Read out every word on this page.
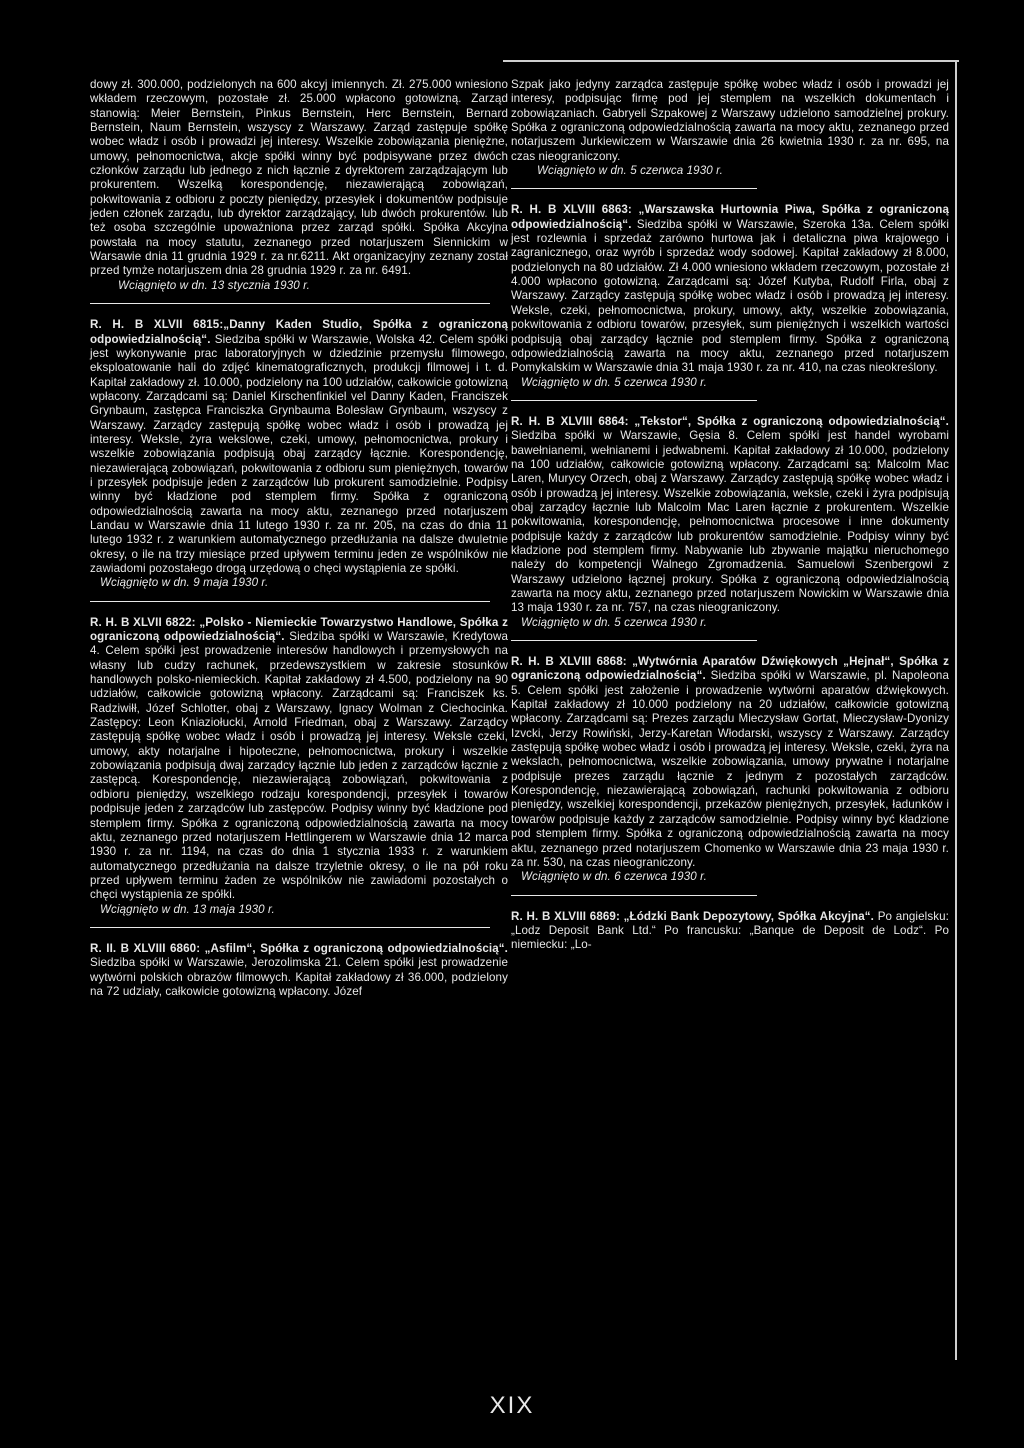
dowy zł. 300.000, podzielonych na 600 akcyj imiennych. Zł. 275.000 wniesiono wkładem rzeczowym, pozostałe zł. 25.000 wpłacono gotowizną. Zarząd stanowią: Meier Bernstein, Pinkus Bernstein, Herc Bernstein, Bernard Bernstein, Naum Bernstein, wszyscy z Warszawy. Zarząd zastępuje spółkę wobec władz i osób i prowadzi jej interesy. Wszelkie zobowiązania pieniężne, umowy, pełnomocnictwa, akcje spółki winny być podpisywane przez dwóch członków zarządu lub jednego z nich łącznie z dyrektorem zarządzającym lub prokurentem. Wszelką korespondencję, niezawierającą zobowiązań, pokwitowania z odbioru z poczty pieniędzy, przesyłek i dokumentów podpisuje jeden członek zarządu, lub dyrektor zarządzający, lub dwóch prokurentów. lub też osoba szczególnie upoważniona przez zarząd spółki. Spółka Akcyjna powstała na mocy statutu, zeznanego przed notarjuszem Siennickim w Warsawie dnia 11 grudnia 1929 r. za nr.6211. Akt organizacyjny zeznany został przed tymże notarjuszem dnia 28 grudnia 1929 r. za nr. 6491.

Wciągnięto w dn. 13 stycznia 1930 r.

R. H. B XLVII 6815:„Danny Kaden Studio, Spółka z ograniczoną odpowiedzialnością“. Siedziba spółki w Warszawie, Wolska 42. Celem spółki jest wykonywanie prac laboratoryjnych w dziedzinie przemysłu filmowego, eksploatowanie hali do zdjęć kinematograficznych, produkcji filmowej i t. d. Kapitał zakładowy zł. 10.000, podzielony na 100 udziałów, całkowicie gotowizną wpłacony. Zarządcami są: Daniel Kirschenfinkiel vel Danny Kaden, Franciszek Grynbaum, zastępca Franciszka Grynbauma Bolesław Grynbaum, wszyscy z Warszawy. Zarządcy zastępują spółkę wobec władz i osób i prowadzą jej interesy. Weksle, żyra wekslowe, czeki, umowy, pełnomocnictwa, prokury i wszelkie zobowiązania podpisują obaj zarządcy łącznie. Korespondencję, niezawierającą zobowiązań, pokwitowania z odbioru sum pieniężnych, towarów i przesyłek podpisuje jeden z zarządców lub prokurent samodzielnie. Podpisy winny być kładzione pod stemplem firmy. Spółka z ograniczoną odpowiedzialnością zawarta na mocy aktu, zeznanego przed notarjuszem Landau w Warszawie dnia 11 lutego 1930 r. za nr. 205, na czas do dnia 11 lutego 1932 r. z warunkiem automatycznego przedłużania na dalsze dwuletnie okresy, o ile na trzy miesiące przed upływem terminu jeden ze wspólników nie zawiadomi pozostałego drogą urzędową o chęci wystąpienia ze spółki.

Wciągnięto w dn. 9 maja 1930 r.

R. H. B XLVII 6822: „Polsko - Niemieckie Towarzystwo Handlowe, Spółka z ograniczoną odpowiedzialnością“. Siedziba spółki w Warszawie, Kredytowa 4. Celem spółki jest prowadzenie interesów handlowych i przemysłowych na własny lub cudzy rachunek, przedewszystkiem w zakresie stosunków handlowych polsko-niemieckich. Kapitał zakładowy zł 4.500, podzielony na 90 udziałów, całkowicie gotowizną wpłacony. Zarządcami są: Franciszek ks. Radziwiłł, Józef Schlotter, obaj z Warszawy, Ignacy Wolman z Ciechocinka. Zastępcy: Leon Kniaziołucki, Arnold Friedman, obaj z Warszawy. Zarządcy zastępują spółkę wobec władz i osób i prowadzą jej interesy. Weksle czeki, umowy, akty notarjalne i hipoteczne, pełnomocnictwa, prokury i wszelkie zobowiązania podpisują dwaj zarządcy łącznie lub jeden z zarządców łącznie z zastępcą. Korespondencję, niezawierającą zobowiązań, pokwitowania z odbioru pieniędzy, wszelkiego rodzaju korespondencji, przesyłek i towarów podpisuje jeden z zarządców lub zastępców. Podpisy winny być kładzione pod stemplem firmy. Spółka z ograniczoną odpowiedzialnością zawarta na mocy aktu, zeznanego przed notarjuszem Hettlingerem w Warszawie dnia 12 marca 1930 r. za nr. 1194, na czas do dnia 1 stycznia 1933 r. z warunkiem automatycznego przedłużania na dalsze trzyletnie okresy, o ile na pół roku przed upływem terminu żaden ze wspólników nie zawiadomi pozostałych o chęci wystąpienia ze spółki.

Wciągnięto w dn. 13 maja 1930 r.

R. II. B XLVIII 6860: „Asfilm“, Spółka z ograniczoną odpowiedzialnością“. Siedziba spółki w Warszawie, Jerozolimska 21. Celem spółki jest prowadzenie wytwórni polskich obrazów filmowych. Kapitał zakładowy zł 36.000, podzielony na 72 udziały, całkowicie gotowizną wpłacony. Józef

Szpak jako jedyny zarządca zastępuje spółkę wobec władz i osób i prowadzi jej interesy, podpisując firmę pod jej stemplem na wszelkich dokumentach i zobowiązaniach. Gabryeli Szpakowej z Warszawy udzielono samodzielnej prokury. Spółka z ograniczoną odpowiedzialnością zawarta na mocy aktu, zeznanego przed notarjuszem Jurkiewiczem w Warszawie dnia 26 kwietnia 1930 r. za nr. 695, na czas nieograniczony.

Wciągnięto w dn. 5 czerwca 1930 r.

R. H. B XLVIII 6863: „Warszawska Hurtownia Piwa, Spółka z ograniczoną odpowiedzialnością“. Siedziba spółki w Warszawie, Szeroka 13a. Celem spółki jest rozlewnia i sprzedaż zarówno hurtowa jak i detaliczna piwa krajowego i zagranicznego, oraz wyrób i sprzedaż wody sodowej. Kapitał zakładowy zł 8.000, podzielonych na 80 udziałów. Zł 4.000 wniesiono wkładem rzeczowym, pozostałe zł 4.000 wpłacono gotowizną. Zarządcami są: Józef Kutyba, Rudolf Firla, obaj z Warszawy. Zarządcy zastępują spółkę wobec władz i osób i prowadzą jej interesy. Weksle, czeki, pełnomocnictwa, prokury, umowy, akty, wszelkie zobowiązania, pokwitowania z odbioru towarów, przesyłek, sum pieniężnych i wszelkich wartości podpisują obaj zarządcy łącznie pod stemplem firmy. Spółka z ograniczoną odpowiedzialnością zawarta na mocy aktu, zeznanego przed notarjuszem Pomykalskim w Warszawie dnia 31 maja 1930 r. za nr. 410, na czas nieokreślony.

Wciągnięto w dn. 5 czerwca 1930 r.

R. H. B XLVIII 6864: „Tekstor“, Spółka z ograniczoną odpowiedzialnością“. Siedziba spółki w Warszawie, Gęsia 8. Celem spółki jest handel wyrobami bawełnianemi, wełnianemi i jedwabnemi. Kapitał zakładowy zł 10.000, podzielony na 100 udziałów, całkowicie gotowizną wpłacony. Zarządcami są: Malcolm Mac Laren, Murycy Orzech, obaj z Warszawy. Zarządcy zastępują spółkę wobec władz i osób i prowadzą jej interesy. Wszelkie zobowiązania, weksle, czeki i żyra podpisują obaj zarządcy łącznie lub Malcolm Mac Laren łącznie z prokurentem. Wszelkie pokwitowania, korespondencję, pełnomocnictwa procesowe i inne dokumenty podpisuje każdy z zarządców lub prokurentów samodzielnie. Podpisy winny być kładzione pod stemplem firmy. Nabywanie lub zbywanie majątku nieruchomego należy do kompetencji Walnego Zgromadzenia. Samuelowi Szenbergowi z Warszawy udzielono łącznej prokury. Spółka z ograniczoną odpowiedzialnością zawarta na mocy aktu, zeznanego przed notarjuszem Nowickim w Warszawie dnia 13 maja 1930 r. za nr. 757, na czas nieograniczony.

Wciągnięto w dn. 5 czerwca 1930 r.

R. H. B XLVIII 6868: „Wytwórnia Aparatów Dźwiękowych „Hejnał“, Spółka z ograniczoną odpowiedzialnością“. Siedziba spółki w Warszawie, pl. Napoleona 5. Celem spółki jest założenie i prowadzenie wytwórni aparatów dźwiękowych. Kapitał zakładowy zł 10.000 podzielony na 20 udziałów, całkowicie gotowizną wpłacony. Zarządcami są: Prezes zarządu Mieczysław Gortat, Mieczysław-Dyonizy Izvcki, Jerzy Rowiński, Jerzy-Karetan Włodarski, wszyscy z Warszawy. Zarządcy zastępują spółkę wobec władz i osób i prowadzą jej interesy. Weksle, czeki, żyra na wekslach, pełnomocnictwa, wszelkie zobowiązania, umowy prywatne i notarjalne podpisuje prezes zarządu łącznie z jednym z pozostałych zarządców. Korespondencję, niezawierającą zobowiązań, rachunki pokwitowania z odbioru pieniędzy, wszelkiej korespondencji, przekazów pieniężnych, przesyłek, ładunków i towarów podpisuje każdy z zarządców samodzielnie. Podpisy winny być kładzione pod stemplem firmy. Spółka z ograniczoną odpowiedzialnością zawarta na mocy aktu, zeznanego przed notarjuszem Chomenko w Warszawie dnia 23 maja 1930 r. za nr. 530, na czas nieograniczony.

Wciągnięto w dn. 6 czerwca 1930 r.

R. H. B XLVIII 6869: „Łódzki Bank Depozytowy, Spółka Akcyjna“. Po angielsku: „Lodz Deposit Bank Ltd.“ Po francusku: „Banque de Deposit de Lodz“. Po niemiecku: „Lo-

XIX
